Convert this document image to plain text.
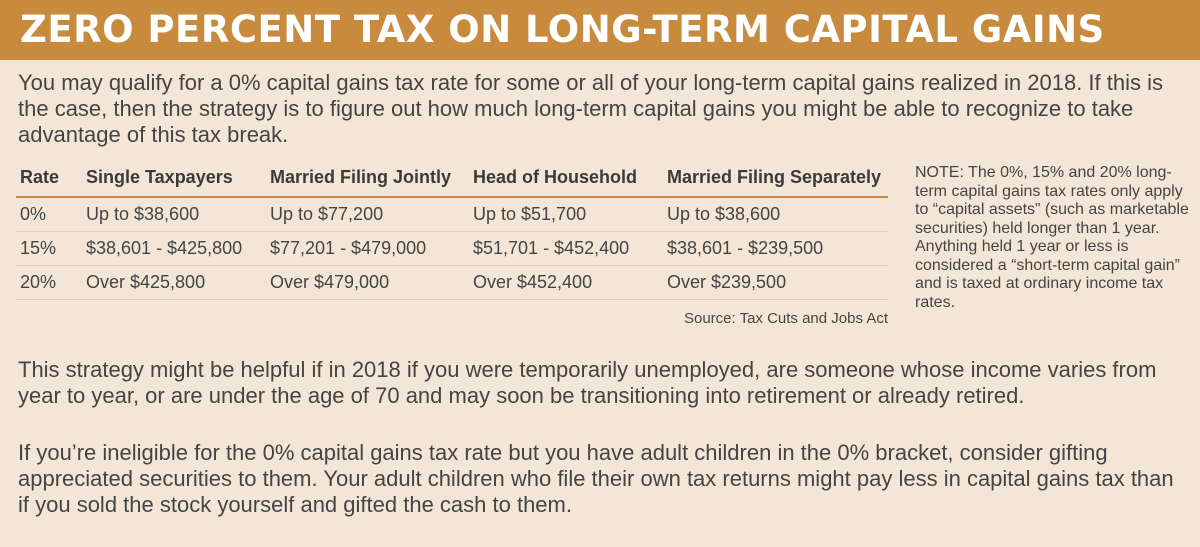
ZERO PERCENT TAX ON LONG-TERM CAPITAL GAINS
You may qualify for a 0% capital gains tax rate for some or all of your long-term capital gains realized in 2018. If this is the case, then the strategy is to figure out how much long-term capital gains you might be able to recognize to take advantage of this tax break.
Rate	Single Taxpayers	Married Filing Jointly	Head of Household	Married Filing Separately
0%	Up to $38,600	Up to $77,200	Up to $51,700	Up to $38,600
15%	$38,601 - $425,800	$77,201 - $479,000	$51,701 - $452,400	$38,601 - $239,500
20%	Over $425,800	Over $479,000	Over $452,400	Over $239,500
Source: Tax Cuts and Jobs Act
NOTE: The 0%, 15% and 20% long-term capital gains tax rates only apply to “capital assets” (such as marketable securities) held longer than 1 year. Anything held 1 year or less is considered a “short-term capital gain” and is taxed at ordinary income tax rates.
This strategy might be helpful if in 2018 if you were temporarily unemployed, are someone whose income varies from year to year, or are under the age of 70 and may soon be transitioning into retirement or already retired.
If you’re ineligible for the 0% capital gains tax rate but you have adult children in the 0% bracket, consider gifting appreciated securities to them. Your adult children who file their own tax returns might pay less in capital gains tax than if you sold the stock yourself and gifted the cash to them.
